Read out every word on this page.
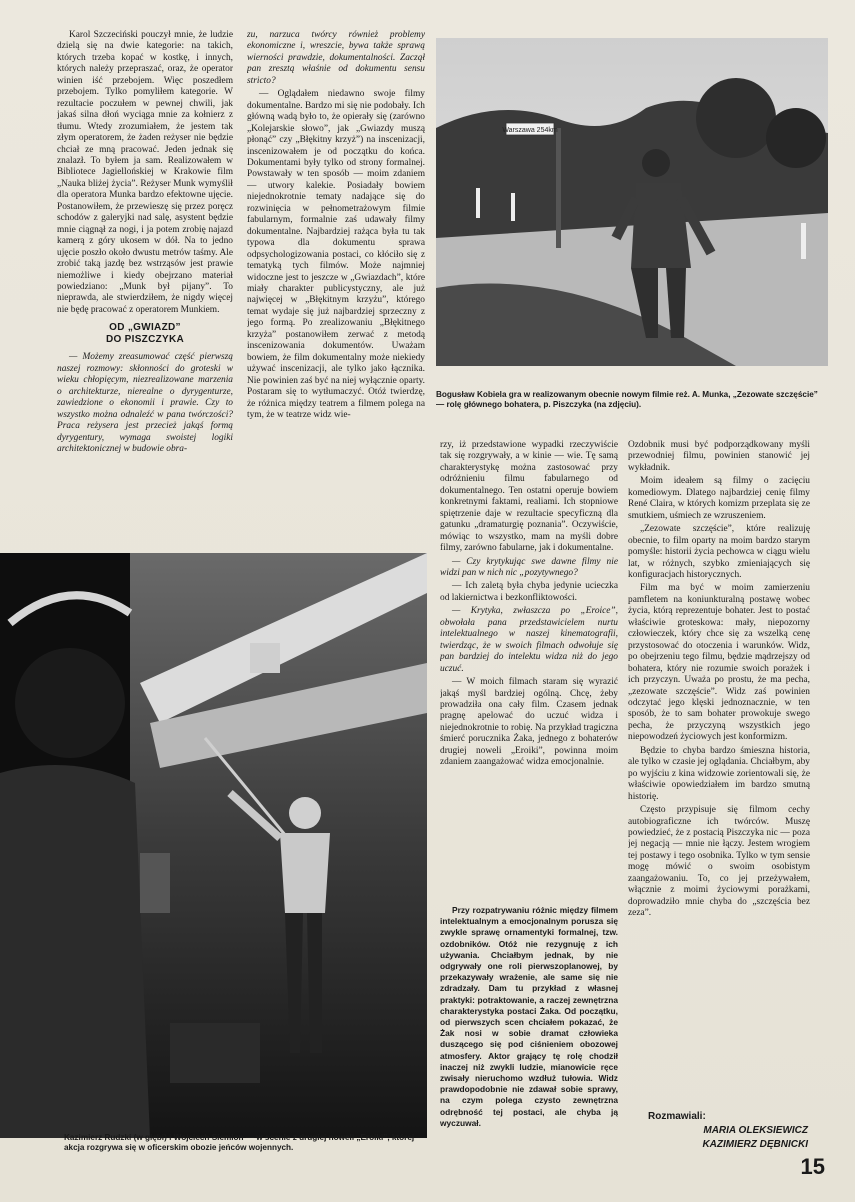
Karol Szczeciński pouczył mnie, że ludzie dzielą się na dwie kategorie: na takich, których trzeba kopać w kostkę, i innych, których należy przepraszać, oraz, że operator winien iść przebojem. Więc poszedłem przebojem. Tylko pomyliłem kategorie. W rezultacie poczułem w pewnej chwili, jak jakaś silna dłoń wyciąga mnie za kołnierz z tłumu. Wtedy zrozumiałem, że jestem tak złym operatorem, że żaden reżyser nie będzie chciał ze mną pracować. Jeden jednak się znalazł. To byłem ja sam. Realizowałem w Bibliotece Jagiellońskiej w Krakowie film „Nauka bliżej życia”. Reżyser Munk wymyślił dla operatora Munka bardzo efektowne ujęcie. Postanowiłem, że przewieszę się przez poręcz schodów z galeryjki nad salę, asystent będzie mnie ciągnął za nogi, i ja potem zrobię najazd kamerą z góry ukosem w dół. Na to jedno ujęcie poszło około dwustu metrów taśmy. Ale zrobić taką jazdę bez wstrząsów jest prawie niemożliwe i kiedy obejrzano materiał powiedziano: „Munk był pijany”. To nieprawda, ale stwierdziłem, że nigdy więcej nie będę pracować z operatorem Munkiem.

OD „GWIAZD”
DO PISZCZYKA

— Możemy zreasumować część pierwszą naszej rozmowy: skłonności do groteski w wieku chłopięcym, niezrealizowane marzenia o architekturze, nierealne o dyrygenturze, zawiedzione o ekonomii i prawie. Czy to wszystko można odnaleźć w pana twórczości? Praca reżysera jest przecież jakąś formą dyrygentury, wymaga swoistej logiki architektonicznej w budowie obra-

zu, narzuca twórcy również problemy ekonomiczne i, wreszcie, bywa także sprawą wierności prawdzie, dokumentalności. Zaczął pan zresztą właśnie od dokumentu sensu stricto?

— Oglądałem niedawno swoje filmy dokumentalne. Bardzo mi się nie podobały. Ich główną wadą było to, że opierały się (zarówno „Kolejarskie słowo”, jak „Gwiazdy muszą płonąć” czy „Błękitny krzyż”) na inscenizacji, inscenizowałem je od początku do końca. Dokumentami były tylko od strony formalnej. Powstawały w ten sposób — moim zdaniem — utwory kalekie. Posiadały bowiem niejednokrotnie tematy nadające się do rozwinięcia w pełnometrażowym filmie fabularnym, formalnie zaś udawały filmy dokumentalne. Najbardziej rażąca była tu tak typowa dla dokumentu sprawa odpsychologizowania postaci, co kłóciło się z tematyką tych filmów. Może najmniej widoczne jest to jeszcze w „Gwiazdach”, które miały charakter publicystyczny, ale już najwięcej w „Błękitnym krzyżu”, którego temat wydaje się już najbardziej sprzeczny z jego formą. Po zrealizowaniu „Błękitnego krzyża” postanowiłem zerwać z metodą inscenizowania dokumentów. Uważam bowiem, że film dokumentalny może niekiedy używać inscenizacji, ale tylko jako łącznika. Nie powinien zaś być na niej wyłącznie oparty. Postaram się to wytłumaczyć. Otóż twierdzę, że różnica między teatrem a filmem polega na tym, że w teatrze widz wie-

Warszawa 254km
Bogusław Kobiela gra w realizowanym obecnie nowym filmie reż. A. Munka, „Zezowate szczęście” — rolę głównego bohatera, p. Piszczyka (na zdjęciu).
Kazimierz Rudzki (w głębi) i Wojciech Siemion — w scenie z drugiej noweli „Eroiki”, której akcja rozgrywa się w oficerskim obozie jeńców wojennych.

rzy, iż przedstawione wypadki rzeczywiście tak się rozgrywały, a w kinie — wie. Tę samą charakterystykę można zastosować przy odróżnieniu filmu fabularnego od dokumentalnego. Ten ostatni operuje bowiem konkretnymi faktami, realiami. Ich stopniowe spiętrzenie daje w rezultacie specyficzną dla gatunku „dramaturgię poznania”. Oczywiście, mówiąc to wszystko, mam na myśli dobre filmy, zarówno fabularne, jak i dokumentalne.

— Czy krytykując swe dawne filmy nie widzi pan w nich nic „pozytywnego?

— Ich zaletą była chyba jedynie ucieczka od lakiernictwa i bezkonfliktowości.

— Krytyka, zwłaszcza po „Eroice”, obwołała pana przedstawicielem nurtu intelektualnego w naszej kinematografii, twierdząc, że w swoich filmach odwołuje się pan bardziej do intelektu widza niż do jego uczuć.

— W moich filmach staram się wyrazić jakąś myśl bardziej ogólną. Chcę, żeby prowadziła ona cały film. Czasem jednak pragnę apelować do uczuć widza i niejednokrotnie to robię. Na przykład tragiczna śmierć porucznika Żaka, jednego z bohaterów drugiej noweli „Eroiki”, powinna moim zdaniem zaangażować widza emocjonalnie.

Przy rozpatrywaniu różnic między filmem intelektualnym a emocjonalnym porusza się zwykle sprawę ornamentyki formalnej, tzw. ozdobników. Otóż nie rezygnuję z ich używania. Chciałbym jednak, by nie odgrywały one roli pierwszoplanowej, by przekazywały wrażenie, ale same się nie zdradzały. Dam tu przykład z własnej praktyki: potraktowanie, a raczej zewnętrzna charakterystyka postaci Żaka. Od początku, od pierwszych scen chciałem pokazać, że Żak nosi w sobie dramat człowieka duszącego się pod ciśnieniem obozowej atmosfery. Aktor grający tę rolę chodził inaczej niż zwykli ludzie, mianowicie ręce zwisały nieruchomo wzdłuż tułowia. Widz prawdopodobnie nie zdawał sobie sprawy, na czym polega czysto zewnętrzna odrębność tej postaci, ale chyba ją wyczuwał.

Ozdobnik musi być podporządkowany myśli przewodniej filmu, powinien stanowić jej wykładnik.

Moim ideałem są filmy o zacięciu komediowym. Dlatego najbardziej cenię filmy René Claira, w których komizm przeplata się ze smutkiem, uśmiech ze wzruszeniem.

„Zezowate szczęście”, które realizuję obecnie, to film oparty na moim bardzo starym pomyśle: historii życia pechowca w ciągu wielu lat, w różnych, szybko zmieniających się konfiguracjach historycznych.

Film ma być w moim zamierzeniu pamfletem na koniunkturalną postawę wobec życia, którą reprezentuje bohater. Jest to postać właściwie groteskowa: mały, niepozorny człowieczek, który chce się za wszelką cenę przystosować do otoczenia i warunków. Widz, po obejrzeniu tego filmu, będzie mądrzejszy od bohatera, który nie rozumie swoich porażek i ich przyczyn. Uważa po prostu, że ma pecha, „zezowate szczęście”. Widz zaś powinien odczytać jego klęski jednoznacznie, w ten sposób, że to sam bohater prowokuje swego pecha, że przyczyną wszystkich jego niepowodzeń życiowych jest konformizm.

Będzie to chyba bardzo śmieszna historia, ale tylko w czasie jej oglądania. Chciałbym, aby po wyjściu z kina widzowie zorientowali się, że właściwie opowiedziałem im bardzo smutną historię.

Często przypisuje się filmom cechy autobiograficzne ich twórców. Muszę powiedzieć, że z postacią Piszczyka nic — poza jej negacją — mnie nie łączy. Jestem wrogiem tej postawy i tego osobnika. Tylko w tym sensie mogę mówić o swoim osobistym zaangażowaniu. To, co jej przeżywałem, włącznie z moimi życiowymi porażkami, doprowadziło mnie chyba do „szczęścia bez zeza”.

Rozmawiali:
MARIA OLEKSIEWICZ
KAZIMIERZ DĘBNICKI
15
